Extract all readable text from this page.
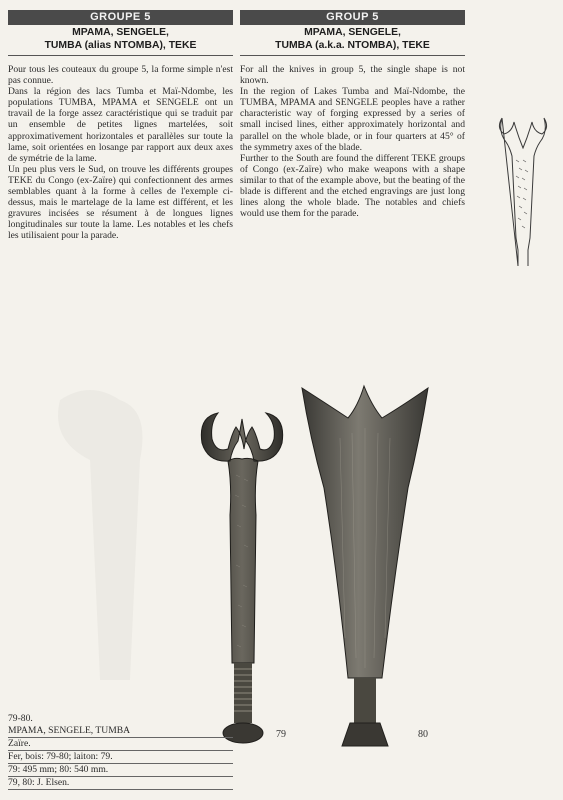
GROUPE 5
MPAMA, SENGELE,
TUMBA (alias NTOMBA), TEKE

Pour tous les couteaux du groupe 5, la forme simple n'est pas connue.

Dans la région des lacs Tumba et Maï-Ndombe, les populations TUMBA, MPAMA et SENGELE ont un travail de la forge assez caractéristique qui se traduit par un ensemble de petites lignes martelées, soit approximativement horizontales et parallèles sur toute la lame, soit orientées en losange par rapport aux deux axes de symétrie de la lame.

Un peu plus vers le Sud, on trouve les différents groupes TEKE du Congo (ex-Zaïre) qui confectionnent des armes semblables quant à la forme à celles de l'exemple ci-dessus, mais le martelage de la lame est différent, et les gravures incisées se résument à de longues lignes longitudinales sur toute la lame. Les notables et les chefs les utilisaient pour la parade.

GROUP 5
MPAMA, SENGELE,
TUMBA (a.k.a. NTOMBA), TEKE

For all the knives in group 5, the single shape is not known.

In the region of Lakes Tumba and Maï-Ndombe, the TUMBA, MPAMA and SENGELE peoples have a rather characteristic way of forging expressed by a series of small incised lines, either approximately horizontal and parallel on the whole blade, or in four quarters at 45° of the symmetry axes of the blade.

Further to the South are found the different TEKE groups of Congo (ex-Zaïre) who make weapons with a shape similar to that of the example above, but the beating of the blade is different and the etched engravings are just long lines along the whole blade. The notables and chiefs would use them for the parade.

79	80
79-80.
MPAMA, SENGELE, TUMBA
Zaïre.
Fer, bois: 79-80; laiton: 79.
79: 495 mm; 80: 540 mm.
79, 80: J. Elsen.
